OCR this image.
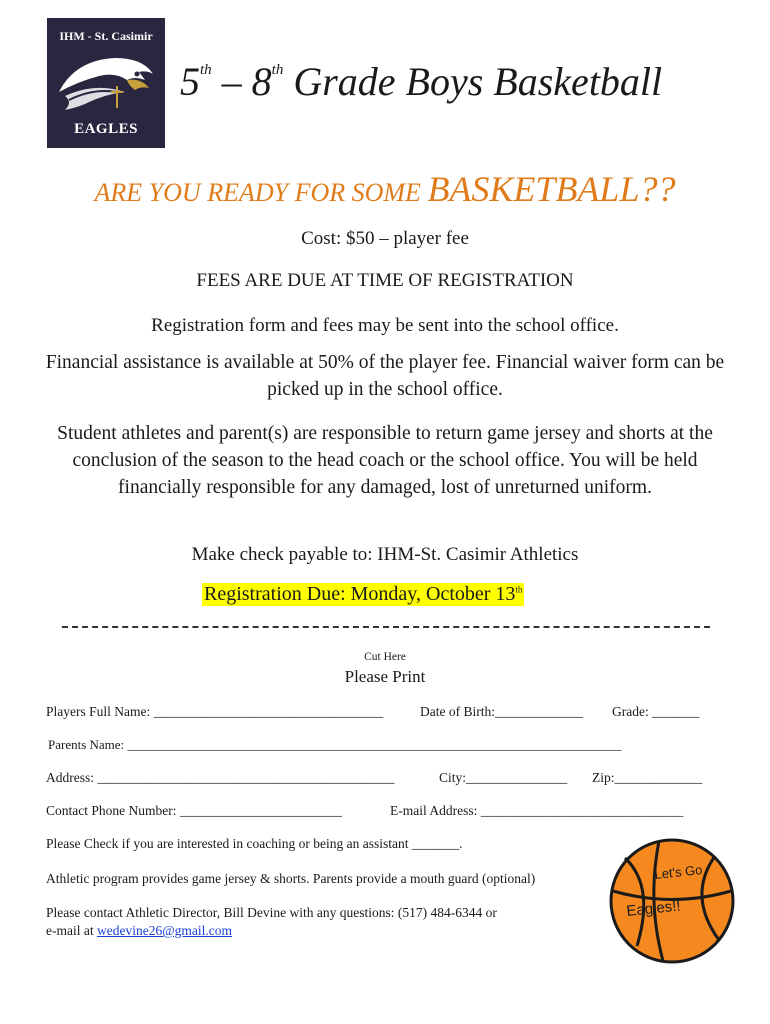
IHM - St. Casimir
EAGLES
5th – 8th Grade Boys Basketball
ARE YOU READY FOR SOME BASKETBALL??
Cost: $50 – player fee
FEES ARE DUE AT TIME OF REGISTRATION
Registration form and fees may be sent into the school office.
Financial assistance is available at 50% of the player fee. Financial waiver form can be picked up in the school office.
Student athletes and parent(s) are responsible to return game jersey and shorts at the conclusion of the season to the head coach or the school office. You will be held financially responsible for any damaged, lost of unreturned uniform.
Make check payable to: IHM-St. Casimir Athletics
Registration Due: Monday, October 13th
Cut Here
Please Print
Players Full Name: __________________________________	Date of Birth:_____________ Grade: _______
Parents Name: ____________________________________________________________________________
Address: ____________________________________________	City:_______________ Zip:_____________
Contact Phone Number: ________________________	E-mail Address: ______________________________
Please Check if you are interested in coaching or being an assistant _______.
Athletic program provides game jersey & shorts. Parents provide a mouth guard (optional)
Please contact Athletic Director, Bill Devine with any questions: (517) 484-6344 or
e-mail at wedevine26@gmail.com
Let's Go
Eagles!!
